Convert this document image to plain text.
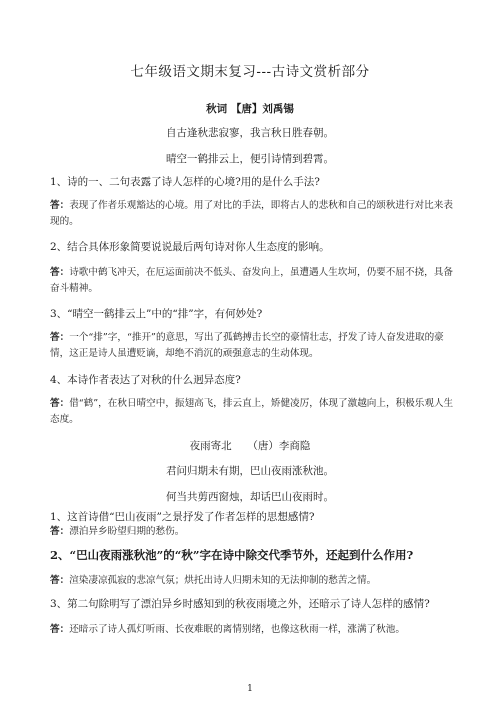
七年级语文期末复习---古诗文赏析部分
秋词 【唐】刘禹锡
自古逢秋悲寂寥，我言秋日胜春朝。
晴空一鹤排云上，便引诗情到碧霄。
1、诗的一、二句表露了诗人怎样的心境?用的是什么手法?
答：表现了作者乐观豁达的心境。用了对比的手法，即将古人的悲秋和自己的颂秋进行对比来表现的。
2、结合具体形象简要说说最后两句诗对你人生态度的影响。
答：诗歌中鹤飞冲天，在厄运面前决不低头、奋发向上，虽遭遇人生坎坷，仍要不屈不挠，具备奋斗精神。
3、“晴空一鹤排云上”中的“排”字，有何妙处?
答：一个“排”字，“推开”的意思，写出了孤鹤搏击长空的豪情壮志，抒发了诗人奋发进取的豪情，这正是诗人虽遭贬谪，却绝不消沉的顽强意志的生动体现。
4、本诗作者表达了对秋的什么迥异态度?
答：借“鹤”，在秋日晴空中，振翅高飞，排云直上，矫健凌厉，体现了激越向上，积极乐观人生态度。
夜雨寄北　　（唐）李商隐
君问归期未有期，巴山夜雨涨秋池。
何当共剪西窗烛，却话巴山夜雨时。
1、这首诗借“巴山夜雨”之景抒发了作者怎样的思想感情?
答：漂泊异乡盼望归期的愁伤。
2、“巴山夜雨涨秋池”的“秋”字在诗中除交代季节外，还起到什么作用?
答：渲染凄凉孤寂的悲凉气氛；烘托出诗人归期未知的无法抑制的愁苦之情。
3、第二句除明写了漂泊异乡时感知到的秋夜雨境之外，还暗示了诗人怎样的感情?
答：还暗示了诗人孤灯听雨、长夜难眠的离情别绪，也像这秋雨一样，涨满了秋池。
1
